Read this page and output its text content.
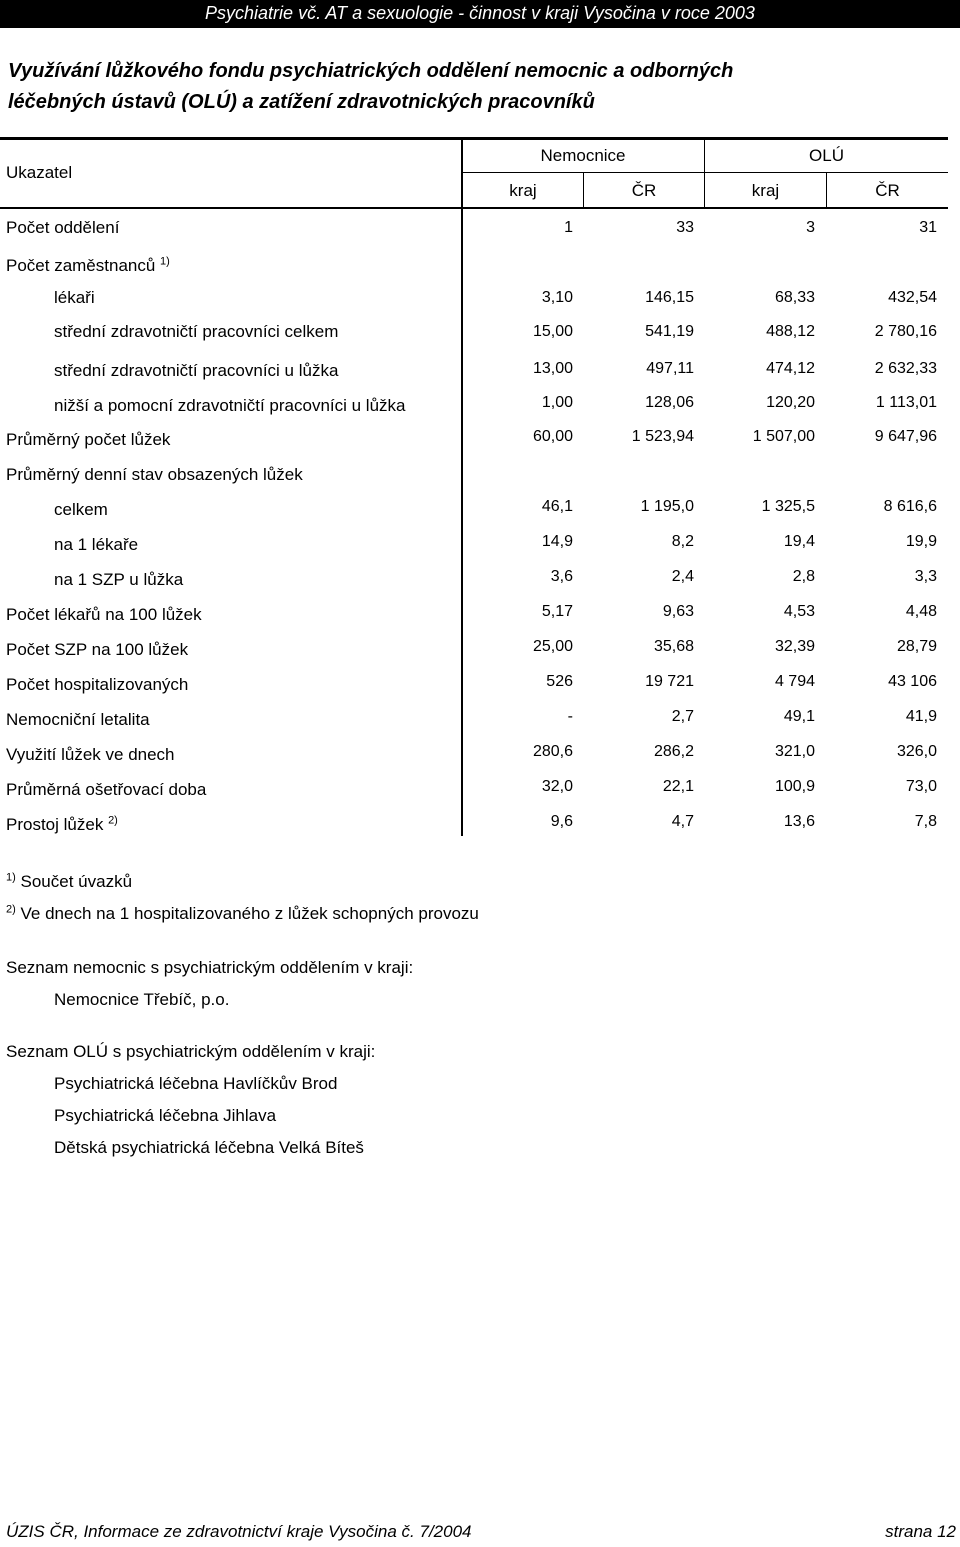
Psychiatrie vč. AT a sexuologie - činnost v kraji Vysočina v roce 2003
Využívání lůžkového fondu psychiatrických oddělení nemocnic a odborných
léčebných ústavů (OLÚ) a zatížení zdravotnických pracovníků
Ukazatel
Nemocnice	OLÚ
kraj	ČR	kraj	ČR
Počet oddělení	1	33	3	31
Počet zaměstnanců $^{1)}$
lékaři	3,10	146,15	68,33	432,54
střední zdravotničtí pracovníci celkem	15,00	541,19	488,12	2 780,16
střední zdravotničtí pracovníci u lůžka	13,00	497,11	474,12	2 632,33
nižší a pomocní zdravotničtí pracovníci u lůžka	1,00	128,06	120,20	1 113,01
Průměrný počet lůžek	60,00	1 523,94	1 507,00	9 647,96
Průměrný denní stav obsazených lůžek
celkem	46,1	1 195,0	1 325,5	8 616,6
na 1 lékaře	14,9	8,2	19,4	19,9
na 1 SZP u lůžka	3,6	2,4	2,8	3,3
Počet lékařů na 100 lůžek	5,17	9,63	4,53	4,48
Počet SZP na 100 lůžek	25,00	35,68	32,39	28,79
Počet hospitalizovaných	526	19 721	4 794	43 106
Nemocniční letalita	-	2,7	49,1	41,9
Využití lůžek ve dnech	280,6	286,2	321,0	326,0
Průměrná ošetřovací doba	32,0	22,1	100,9	73,0
Prostoj lůžek $^{2)}$	9,6	4,7	13,6	7,8
$^{1)}$ Součet úvazků
$^{2)}$ Ve dnech na 1 hospitalizovaného z lůžek schopných provozu
Seznam nemocnic s psychiatrickým oddělením v kraji:
Nemocnice Třebíč, p.o.
Seznam OLÚ s psychiatrickým oddělením v kraji:
Psychiatrická léčebna Havlíčkův Brod
Psychiatrická léčebna Jihlava
Dětská psychiatrická léčebna Velká Bíteš
ÚZIS ČR, Informace ze zdravotnictví kraje Vysočina č. 7/2004	strana 12
